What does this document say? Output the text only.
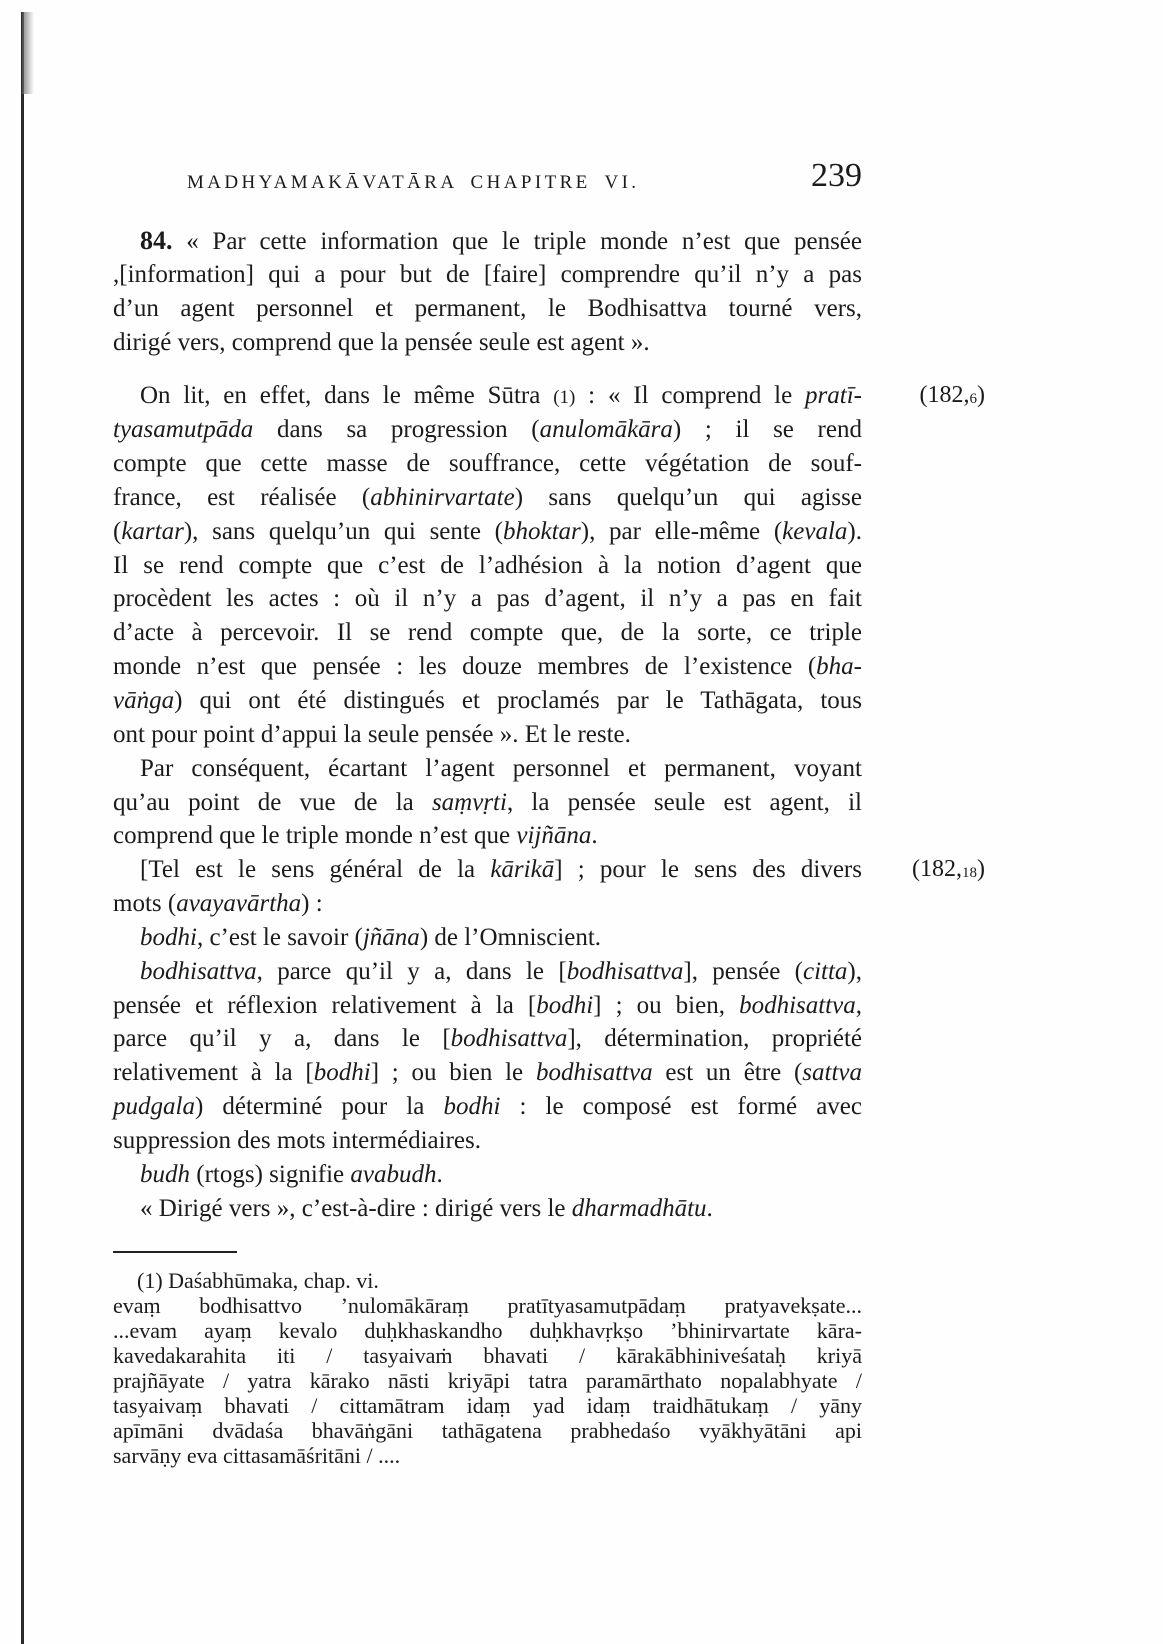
MADHYAMAKĀVATĀRA CHAPITRE VI.	239
84. « Par cette information que le triple monde n’est que pensée
,[information] qui a pour but de [faire] comprendre qu’il n’y a pas
d’un agent personnel et permanent, le Bodhisattva tourné vers,
dirigé vers, comprend que la pensée seule est agent ».
On lit, en effet, dans le même Sūtra (1) : « Il comprend le pratī-	(182,6)
tyasamutpāda dans sa progression (anulomākāra) ; il se rend
compte que cette masse de souffrance, cette végétation de souf-
france, est réalisée (abhinirvartate) sans quelqu’un qui agisse
(kartar), sans quelqu’un qui sente (bhoktar), par elle-même (kevala).
Il se rend compte que c’est de l’adhésion à la notion d’agent que
procèdent les actes : où il n’y a pas d’agent, il n’y a pas en fait
d’acte à percevoir. Il se rend compte que, de la sorte, ce triple
monde n’est que pensée : les douze membres de l’existence (bha-
vāṅga) qui ont été distingués et proclamés par le Tathāgata, tous
ont pour point d’appui la seule pensée ». Et le reste.
Par conséquent, écartant l’agent personnel et permanent, voyant
qu’au point de vue de la saṃvṛti, la pensée seule est agent, il
comprend que le triple monde n’est que vijñāna.
[Tel est le sens général de la kārikā] ; pour le sens des divers	(182,18)
mots (avayavārtha) :
bodhi, c’est le savoir (jñāna) de l’Omniscient.
bodhisattva, parce qu’il y a, dans le [bodhisattva], pensée (citta),
pensée et réflexion relativement à la [bodhi] ; ou bien, bodhisattva,
parce qu’il y a, dans le [bodhisattva], détermination, propriété
relativement à la [bodhi] ; ou bien le bodhisattva est un être (sattva
pudgala) déterminé pour la bodhi : le composé est formé avec
suppression des mots intermédiaires.
budh (rtogs) signifie avabudh.
« Dirigé vers », c’est-à-dire : dirigé vers le dharmadhātu.
(1) Daśabhūmaka, chap. vi.
evaṃ bodhisattvo ’nulomākāraṃ pratītyasamutpādaṃ pratyavekṣate...
...evam ayaṃ kevalo duḥkhaskandho duḥkhavṛkṣo ’bhinirvartate kāra-
kavedakarahita iti / tasyaivaṁ bhavati / kārakābhiniveśataḥ kriyā
prajñāyate / yatra kārako nāsti kriyāpi tatra paramārthato nopalabhyate /
tasyaivaṃ bhavati / cittamātram idaṃ yad idaṃ traidhātukaṃ / yāny
apīmāni dvādaśa bhavāṅgāni tathāgatena prabhedaśo vyākhyātāni api
sarvāṇy eva cittasamāśritāni / ....
